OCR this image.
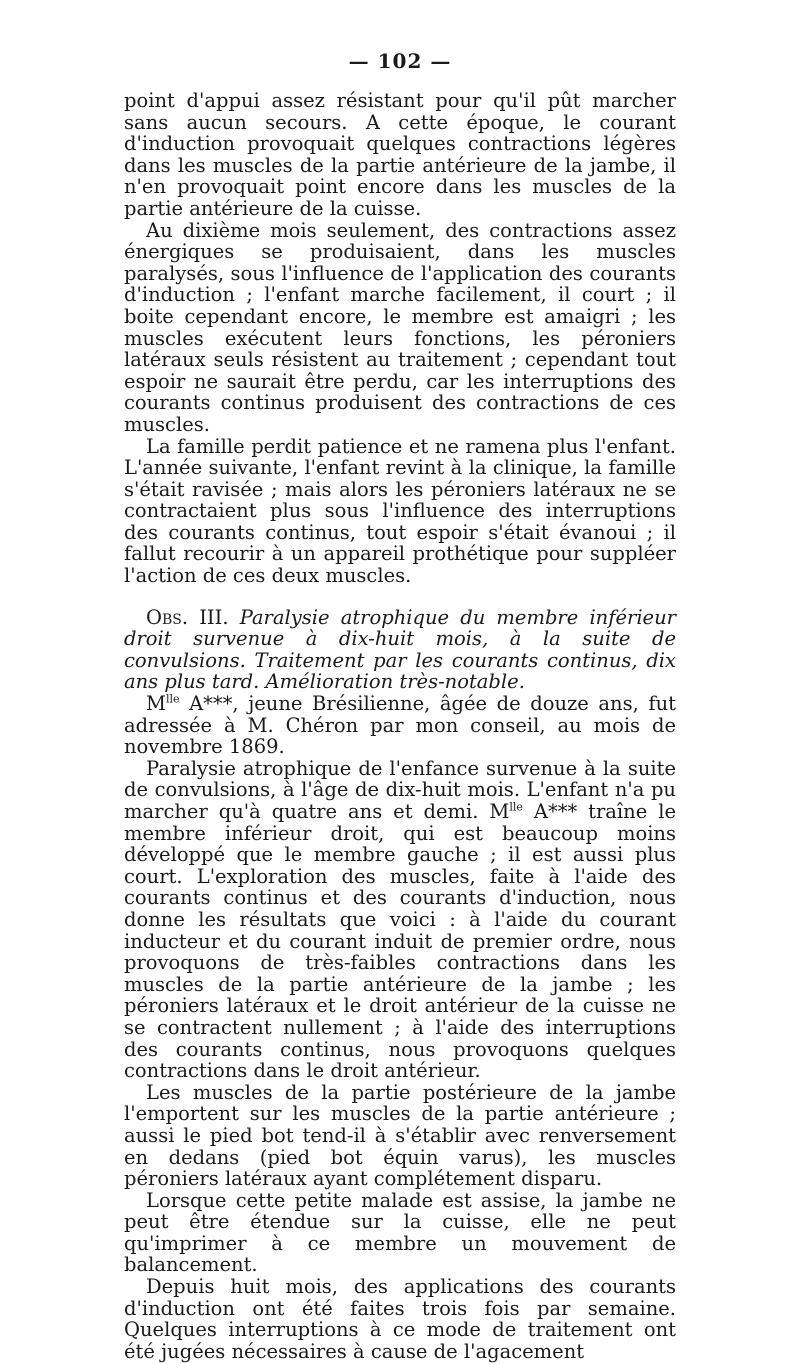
— 102 —

point d'appui assez résistant pour qu'il pût marcher sans aucun secours. A cette époque, le courant d'induction provoquait quelques contractions légères dans les muscles de la partie antérieure de la jambe, il n'en provoquait point encore dans les muscles de la partie antérieure de la cuisse.

Au dixième mois seulement, des contractions assez énergiques se produisaient, dans les muscles paralysés, sous l'influence de l'application des courants d'induction ; l'enfant marche facilement, il court ; il boite cependant encore, le membre est amaigri ; les muscles exécutent leurs fonctions, les péroniers latéraux seuls résistent au traitement ; cependant tout espoir ne saurait être perdu, car les interruptions des courants continus produisent des contractions de ces muscles.

La famille perdit patience et ne ramena plus l'enfant. L'année suivante, l'enfant revint à la clinique, la famille s'était ravisée ; mais alors les péroniers latéraux ne se contractaient plus sous l'influence des interruptions des courants continus, tout espoir s'était évanoui ; il fallut recourir à un appareil prothétique pour suppléer l'action de ces deux muscles.

Obs. III. Paralysie atrophique du membre inférieur droit survenue à dix-huit mois, à la suite de convulsions. Traitement par les courants continus, dix ans plus tard. Amélioration très-notable.

$M^{lle}$ A***, jeune Brésilienne, âgée de douze ans, fut adressée à M. Chéron par mon conseil, au mois de novembre 1869.

Paralysie atrophique de l'enfance survenue à la suite de convulsions, à l'âge de dix-huit mois. L'enfant n'a pu marcher qu'à quatre ans et demi. $M^{lle}$ A*** traîne le membre inférieur droit, qui est beaucoup moins développé que le membre gauche ; il est aussi plus court. L'exploration des muscles, faite à l'aide des courants continus et des courants d'induction, nous donne les résultats que voici : à l'aide du courant inducteur et du courant induit de premier ordre, nous provoquons de très-faibles contractions dans les muscles de la partie antérieure de la jambe ; les péroniers latéraux et le droit antérieur de la cuisse ne se contractent nullement ; à l'aide des interruptions des courants continus, nous provoquons quelques contractions dans le droit antérieur.

Les muscles de la partie postérieure de la jambe l'emportent sur les muscles de la partie antérieure ; aussi le pied bot tend-il à s'établir avec renversement en dedans (pied bot équin varus), les muscles péroniers latéraux ayant complétement disparu.

Lorsque cette petite malade est assise, la jambe ne peut être étendue sur la cuisse, elle ne peut qu'imprimer à ce membre un mouvement de balancement.

Depuis huit mois, des applications des courants d'induction ont été faites trois fois par semaine. Quelques interruptions à ce mode de traitement ont été jugées nécessaires à cause de l'agacement
